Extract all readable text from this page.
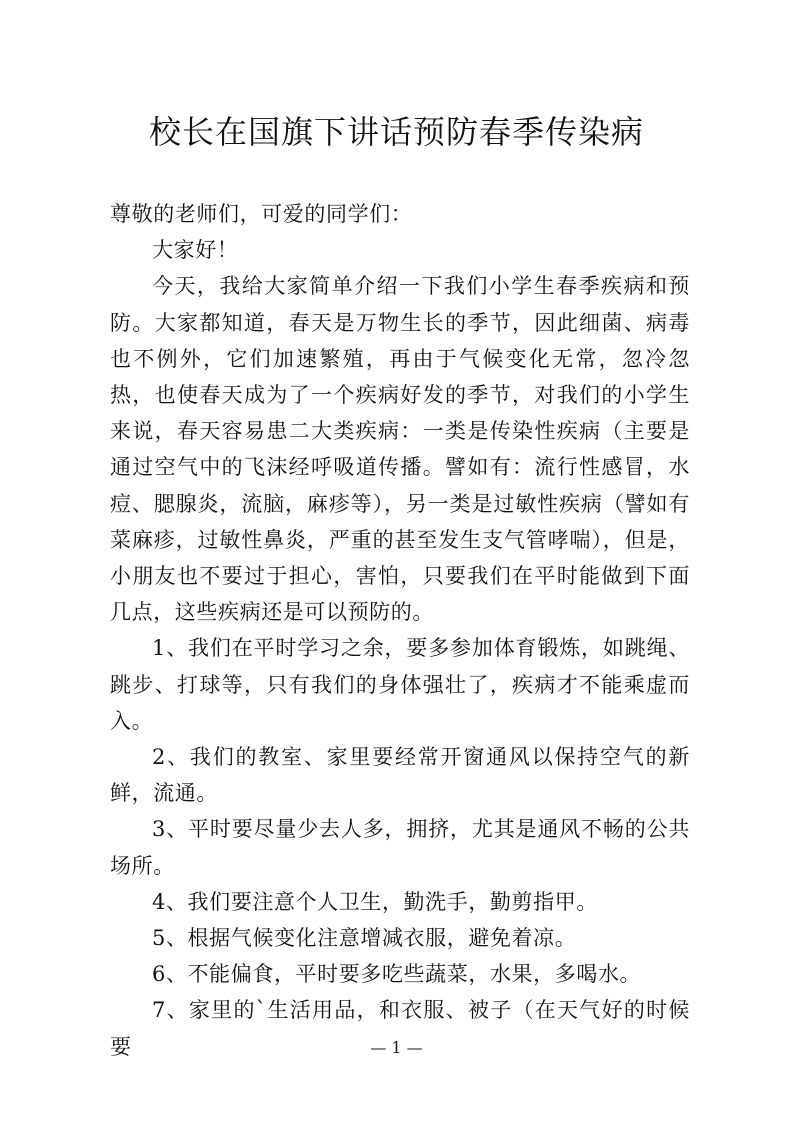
校长在国旗下讲话预防春季传染病

尊敬的老师们，可爱的同学们：

大家好！

今天，我给大家简单介绍一下我们小学生春季疾病和预防。大家都知道，春天是万物生长的季节，因此细菌、病毒也不例外，它们加速繁殖，再由于气候变化无常，忽冷忽热，也使春天成为了一个疾病好发的季节，对我们的小学生来说，春天容易患二大类疾病：一类是传染性疾病（主要是通过空气中的飞沫经呼吸道传播。譬如有：流行性感冒，水痘、腮腺炎，流脑，麻疹等），另一类是过敏性疾病（譬如有菜麻疹，过敏性鼻炎，严重的甚至发生支气管哮喘），但是，小朋友也不要过于担心，害怕，只要我们在平时能做到下面几点，这些疾病还是可以预防的。

1、我们在平时学习之余，要多参加体育锻炼，如跳绳、跳步、打球等，只有我们的身体强壮了，疾病才不能乘虚而入。

2、我们的教室、家里要经常开窗通风以保持空气的新鲜，流通。

3、平时要尽量少去人多，拥挤，尤其是通风不畅的公共场所。

4、我们要注意个人卫生，勤洗手，勤剪指甲。

5、根据气候变化注意增减衣服，避免着凉。

6、不能偏食，平时要多吃些蔬菜，水果，多喝水。

7、家里的`生活用品，和衣服、被子（在天气好的时候要	— 1 —
